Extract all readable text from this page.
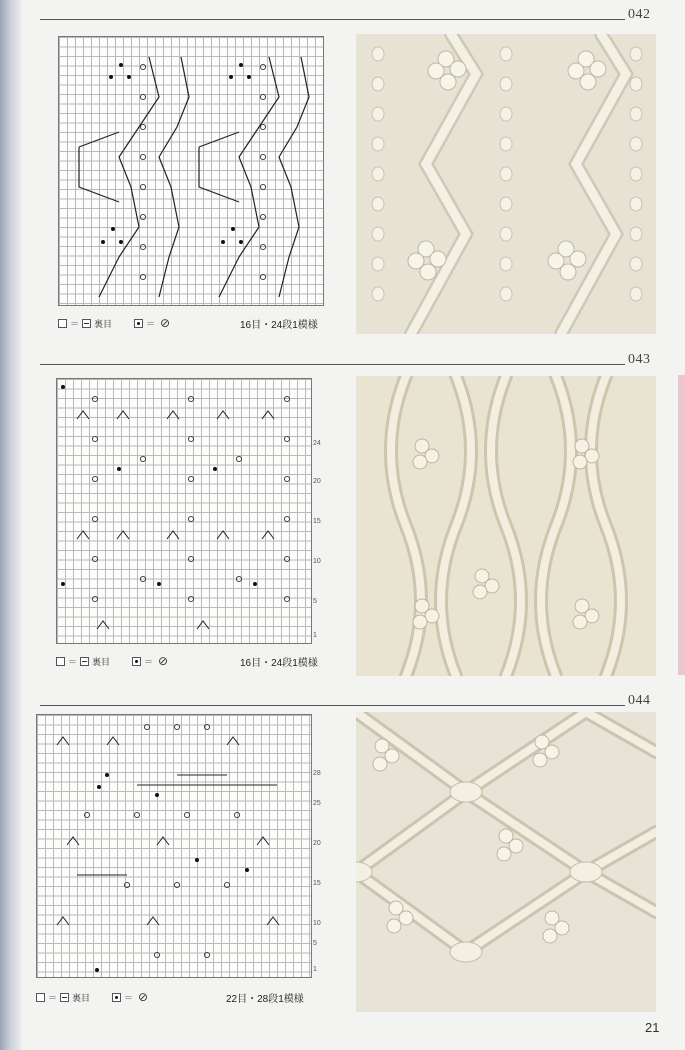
042
＝ 裏目	＝ ⊘	16目・24段1模様
043
24
20
15
10
5
1
＝ 裏目	＝ ⊘	16目・24段1模様
044
28
25
20
15
10
5
1
＝ 裏目	＝ ⊘	22目・28段1模様
21
